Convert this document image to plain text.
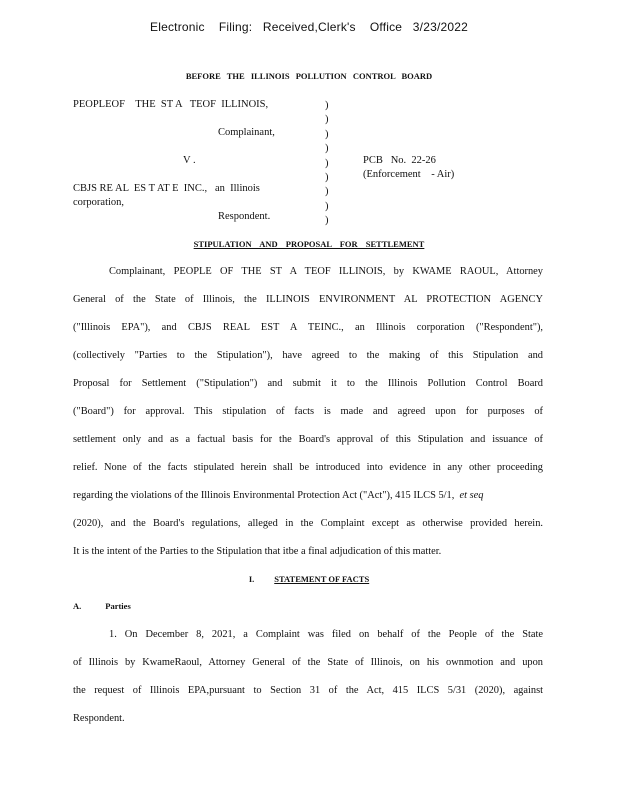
Electronic    Filing:   Received,Clerk's    Office   3/23/2022
BEFORE THE ILLINOIS POLLUTION CONTROL BOARD
PEOPLEOF    THE  ST A   TEOF  ILLINOIS,
Complainant,
V .
CBJS RE AL  ES T AT E  INC.,   an  Illinois
corporation,
Respondent.
)
)
)
)
)
)
)
)
)
PCB   No.  22-26
(Enforcement    - Air)
STIPULATION AND PROPOSAL FOR SETTLEMENT
Complainant, PEOPLE OF THE ST A TEOF ILLINOIS, by KWAME RAOUL, Attorney
General of the State of Illinois, the ILLINOIS ENVIRONMENT AL PROTECTION AGENCY
("Illinois EPA"), and CBJS REAL EST A TEINC., an Illinois corporation ("Respondent"),
(collectively "Parties to the Stipulation"), have agreed to the making of this Stipulation and
Proposal for Settlement ("Stipulation") and submit it to the Illinois Pollution Control Board
("Board") for approval. This stipulation of facts is made and agreed upon for purposes of
settlement only and as a factual basis for the Board's approval of this Stipulation and issuance of
relief. None of the facts stipulated herein shall be introduced into evidence in any other proceeding
regarding the violations of the Illinois Environmental Protection Act ("Act"), 415 ILCS 5/1, et seq
(2020), and the Board's regulations, alleged in the Complaint except as otherwise provided herein.
It is the intent of the Parties to the Stipulation that itbe a final adjudication of this matter.
I. STATEMENT OF FACTS
A.	Parties
1. On December 8, 2021, a Complaint was filed on behalf of the People of the State
of Illinois by KwameRaoul, Attorney General of the State of Illinois, on his ownmotion and upon
the request of Illinois EPA,pursuant to Section 31 of the Act, 415 ILCS 5/31 (2020), against
Respondent.
